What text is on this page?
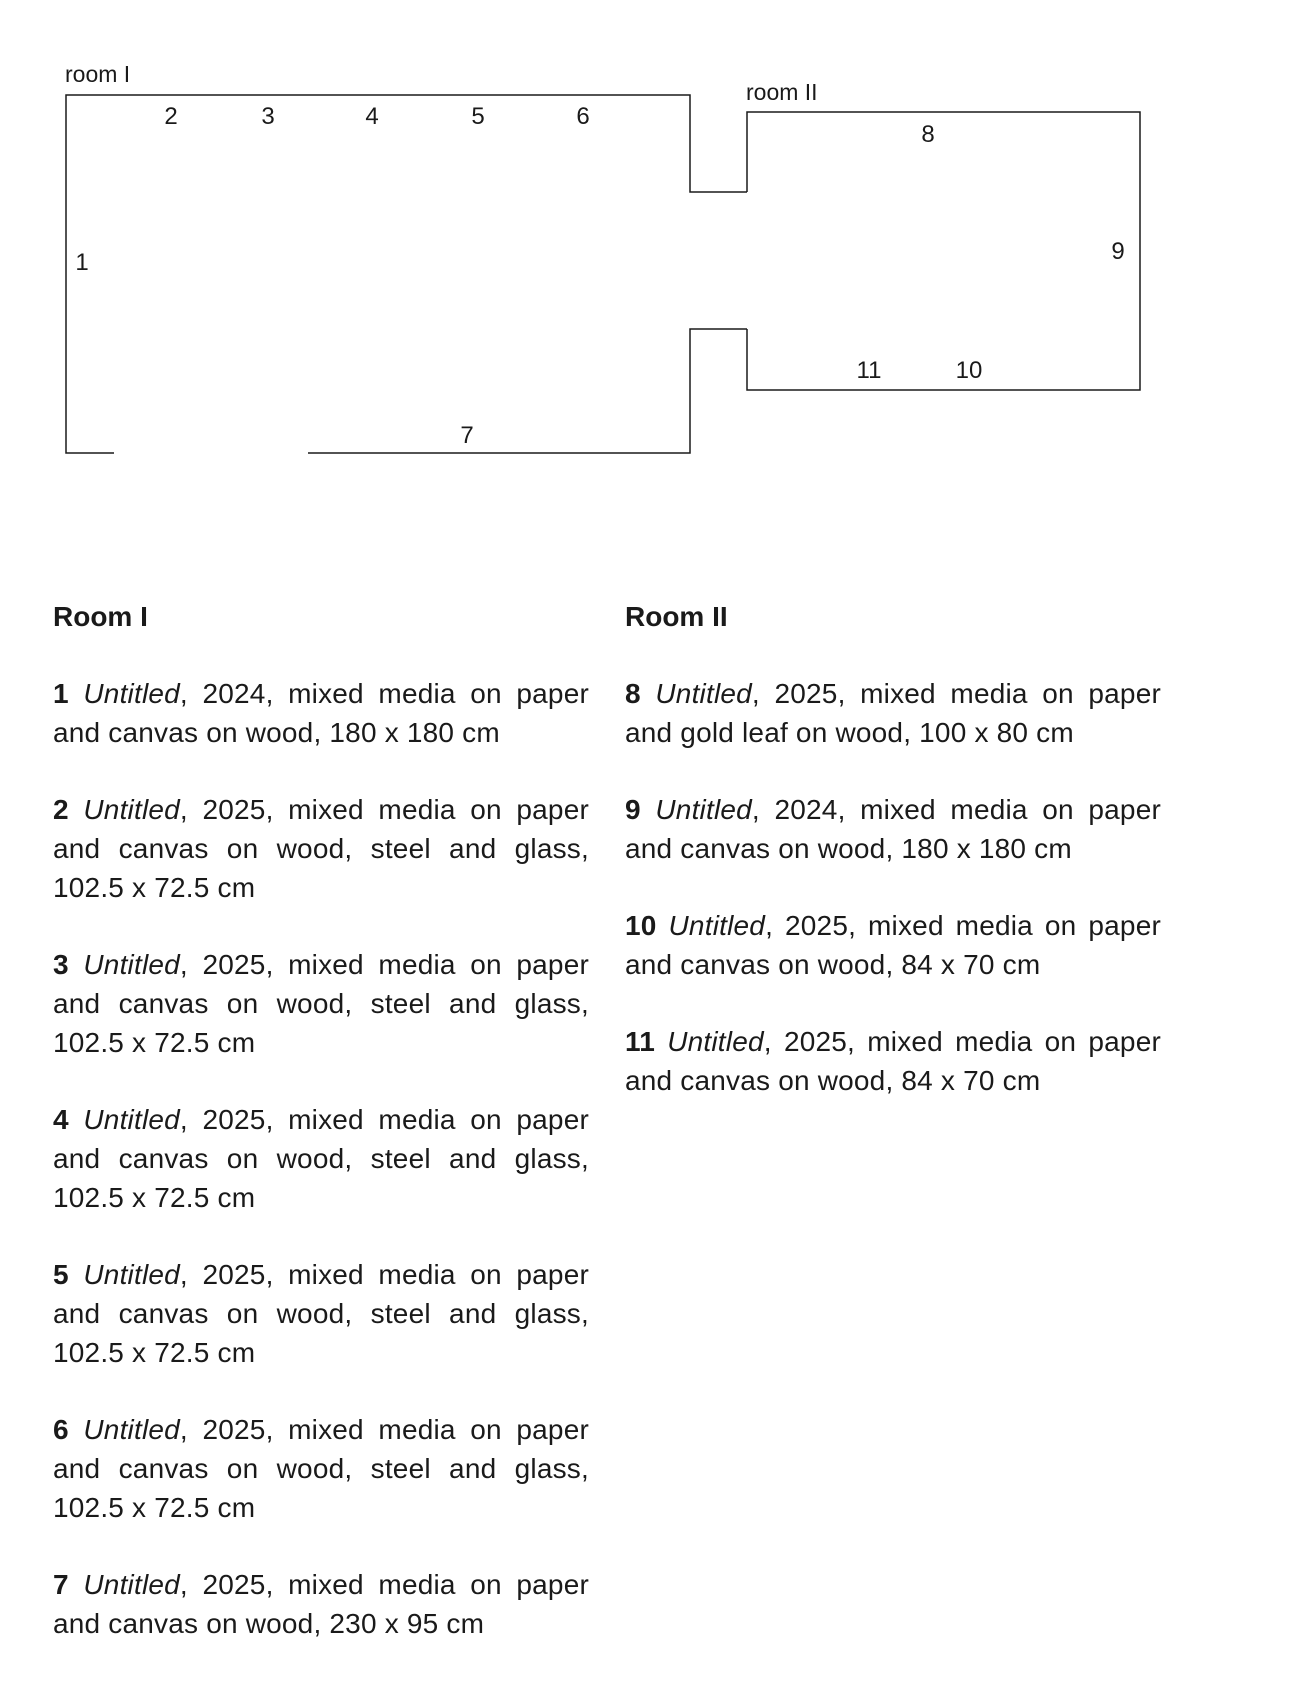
room I
room II
1
2	3	4	5	6
7
8
9
10
11
Room I

1 Untitled, 2024, mixed media on paper and canvas on wood, 180 x 180 cm

2 Untitled, 2025, mixed media on paper and canvas on wood, steel and glass, 102.5 x 72.5 cm

3 Untitled, 2025, mixed media on paper and canvas on wood, steel and glass, 102.5 x 72.5 cm

4 Untitled, 2025, mixed media on paper and canvas on wood, steel and glass, 102.5 x 72.5 cm

5 Untitled, 2025, mixed media on paper and canvas on wood, steel and glass, 102.5 x 72.5 cm

6 Untitled, 2025, mixed media on paper and canvas on wood, steel and glass, 102.5 x 72.5 cm

7 Untitled, 2025, mixed media on paper and canvas on wood, 230 x 95 cm

Room II

8 Untitled, 2025, mixed media on paper and gold leaf on wood, 100 x 80 cm

9 Untitled, 2024, mixed media on paper and canvas on wood, 180 x 180 cm

10 Untitled, 2025, mixed media on paper and canvas on wood, 84 x 70 cm

11 Untitled, 2025, mixed media on paper and canvas on wood, 84 x 70 cm
